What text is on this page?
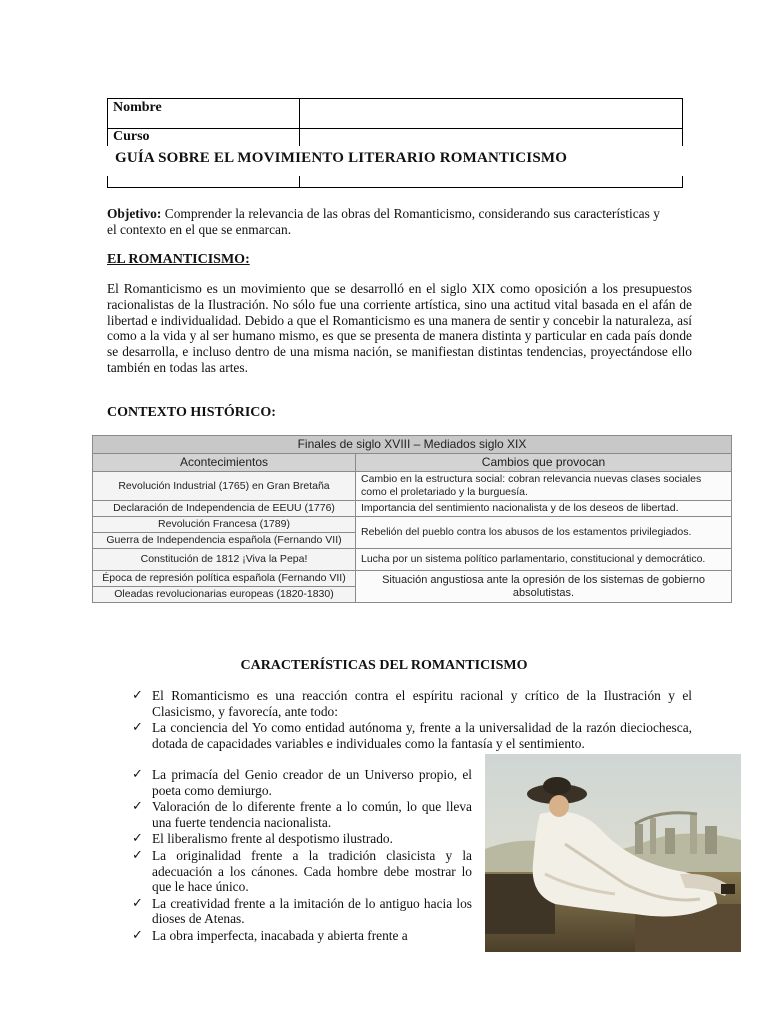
Nombre
Curso
GUÍA SOBRE EL MOVIMIENTO LITERARIO ROMANTICISMO
Objetivo: Comprender la relevancia de las obras del Romanticismo, considerando sus características y el contexto en el que se enmarcan.
EL ROMANTICISMO:
El Romanticismo es un movimiento que se desarrolló en el siglo XIX como oposición a los presupuestos racionalistas de la Ilustración. No sólo fue una corriente artística, sino una actitud vital basada en el afán de libertad e individualidad. Debido a que el Romanticismo es una manera de sentir y concebir la naturaleza, así como a la vida y al ser humano mismo, es que se presenta de manera distinta y particular en cada país donde se desarrolla, e incluso dentro de una misma nación, se manifiestan distintas tendencias, proyectándose ello también en todas las artes.
CONTEXTO HISTÓRICO:
Finales de siglo XVIII – Mediados siglo XIX	
Acontecimientos	Cambios que provocan
Revolución Industrial (1765) en Gran Bretaña	Cambio en la estructura social: cobran relevancia nuevas clases sociales como el proletariado y la burguesía.
Declaración de Independencia de EEUU (1776)	Importancia del sentimiento nacionalista y de los deseos de libertad.
Revolución Francesa (1789)	Rebelión del pueblo contra los abusos de los estamentos privilegiados.
Guerra de Independencia española (Fernando VII)	
Constitución de 1812 ¡Viva la Pepa!	Lucha por un sistema político parlamentario, constitucional y democrático.
Época de represión política española (Fernando VII)	Situación angustiosa ante la opresión de los sistemas de gobierno absolutistas.
Oleadas revolucionarias europeas (1820-1830)	
CARACTERÍSTICAS DEL ROMANTICISMO
✓ El Romanticismo es una reacción contra el espíritu racional y crítico de la Ilustración y el Clasicismo, y favorecía, ante todo:
✓ La conciencia del Yo como entidad autónoma y, frente a la universalidad de la razón dieciochesca, dotada de capacidades variables e individuales como la fantasía y el sentimiento.
✓ La primacía del Genio creador de un Universo propio, el poeta como demiurgo.
✓ Valoración de lo diferente frente a lo común, lo que lleva una fuerte tendencia nacionalista.
✓ El liberalismo frente al despotismo ilustrado.
✓ La originalidad frente a la tradición clasicista y la adecuación a los cánones. Cada hombre debe mostrar lo que le hace único.
✓ La creatividad frente a la imitación de lo antiguo hacia los dioses de Atenas.
✓ La obra imperfecta, inacabada y abierta frente a
